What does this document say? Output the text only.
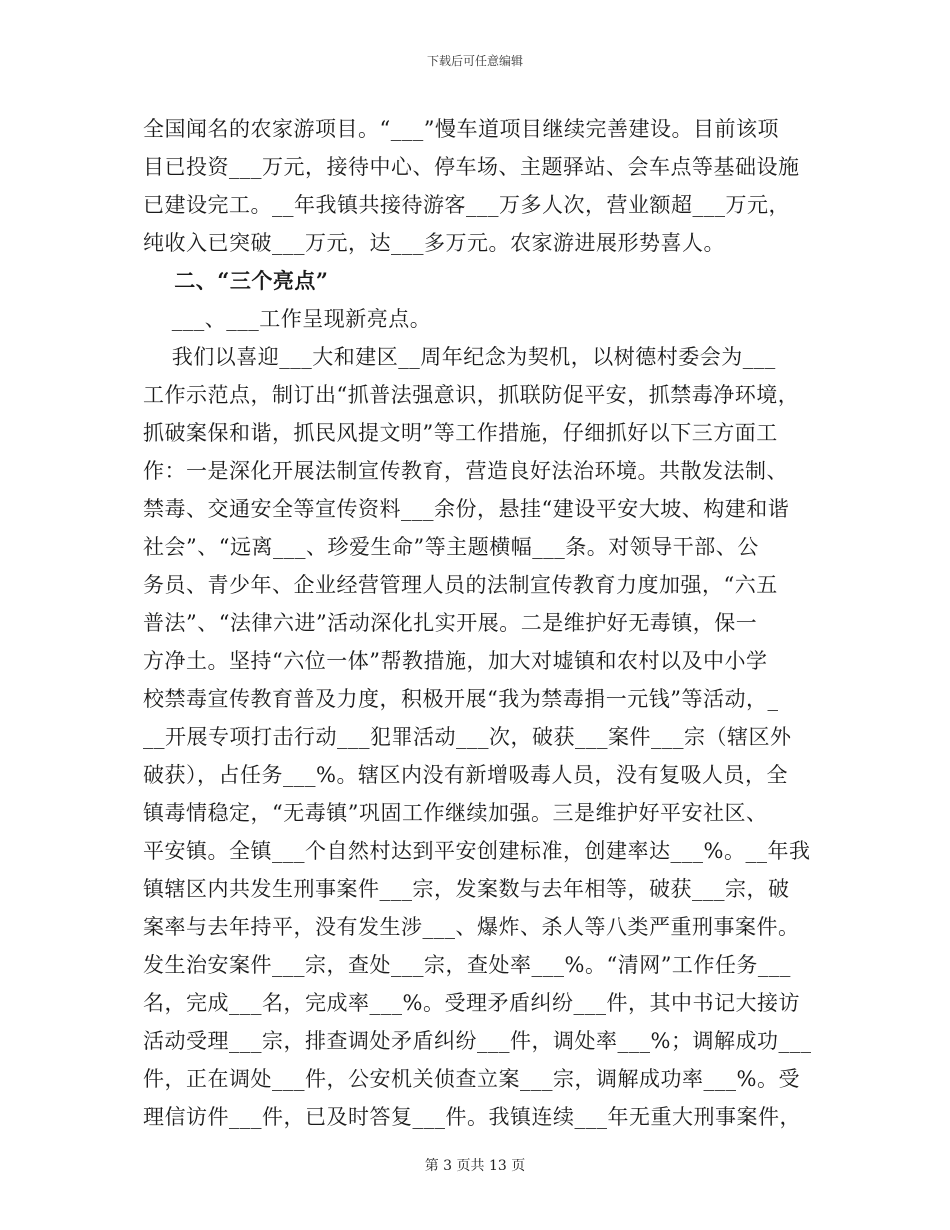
下载后可任意编辑
全国闻名的农家游项目。“___”慢车道项目继续完善建设。目前该项
目已投资___万元，接待中心、停车场、主题驿站、会车点等基础设施
已建设完工。__年我镇共接待游客___万多人次，营业额超___万元，
纯收入已突破___万元，达___多万元。农家游进展形势喜人。
二、“三个亮点”
___、___工作呈现新亮点。
我们以喜迎___大和建区__周年纪念为契机，以树德村委会为___
工作示范点，制订出“抓普法强意识，抓联防促平安，抓禁毒净环境，
抓破案保和谐，抓民风提文明”等工作措施，仔细抓好以下三方面工
作：一是深化开展法制宣传教育，营造良好法治环境。共散发法制、
禁毒、交通安全等宣传资料___余份，悬挂“建设平安大坡、构建和谐
社会”、“远离___、珍爱生命”等主题横幅___条。对领导干部、公
务员、青少年、企业经营管理人员的法制宣传教育力度加强，“六五
普法”、“法律六进”活动深化扎实开展。二是维护好无毒镇，保一
方净土。坚持“六位一体”帮教措施，加大对墟镇和农村以及中小学
校禁毒宣传教育普及力度，积极开展“我为禁毒捐一元钱”等活动，_
__开展专项打击行动___犯罪活动___次，破获___案件___宗（辖区外
破获），占任务___%。辖区内没有新增吸毒人员，没有复吸人员，全
镇毒情稳定，“无毒镇”巩固工作继续加强。三是维护好平安社区、
平安镇。全镇___个自然村达到平安创建标准，创建率达___%。__年我
镇辖区内共发生刑事案件___宗，发案数与去年相等，破获___宗，破
案率与去年持平，没有发生涉___、爆炸、杀人等八类严重刑事案件。
发生治安案件___宗，查处___宗，查处率___%。“清网”工作任务___
名，完成___名，完成率___%。受理矛盾纠纷___件，其中书记大接访
活动受理___宗，排查调处矛盾纠纷___件，调处率___%；调解成功___
件，正在调处___件，公安机关侦查立案___宗，调解成功率___%。受
理信访件___件，已及时答复___件。我镇连续___年无重大刑事案件，
第 3 页共 13 页
